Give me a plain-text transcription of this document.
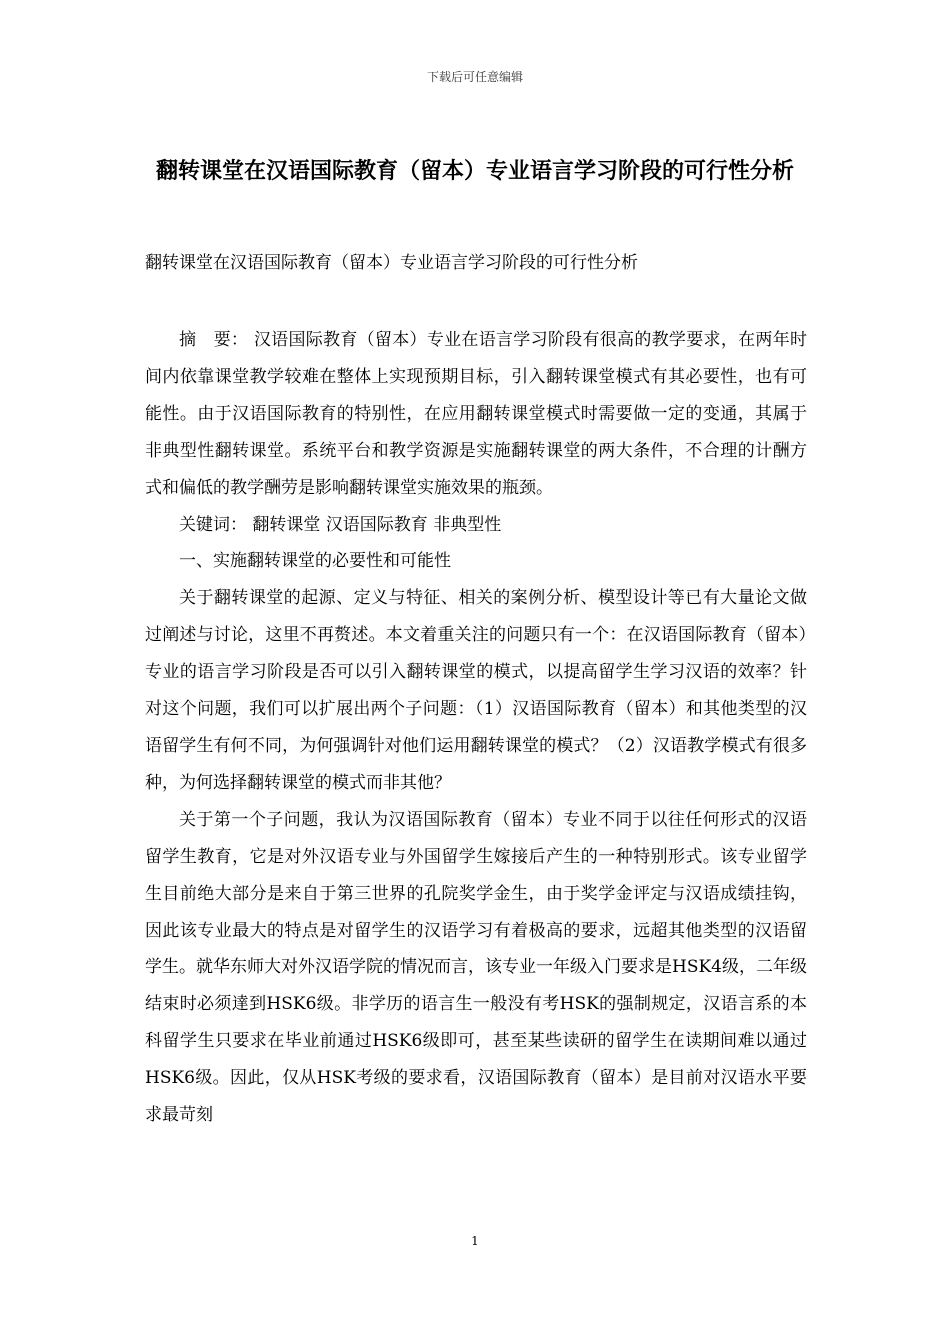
下载后可任意编辑
翻转课堂在汉语国际教育（留本）专业语言学习阶段的可行性分析

翻转课堂在汉语国际教育（留本）专业语言学习阶段的可行性分析

摘　要： 汉语国际教育（留本）专业在语言学习阶段有很高的教学要求，在两年时间内依靠课堂教学较难在整体上实现预期目标，引入翻转课堂模式有其必要性，也有可能性。由于汉语国际教育的特别性，在应用翻转课堂模式时需要做一定的变通，其属于非典型性翻转课堂。系统平台和教学资源是实施翻转课堂的两大条件，不合理的计酬方式和偏低的教学酬劳是影响翻转课堂实施效果的瓶颈。

关键词： 翻转课堂 汉语国际教育 非典型性

一、实施翻转课堂的必要性和可能性

关于翻转课堂的起源、定义与特征、相关的案例分析、模型设计等已有大量论文做过阐述与讨论，这里不再赘述。本文着重关注的问题只有一个：在汉语国际教育（留本）专业的语言学习阶段是否可以引入翻转课堂的模式，以提高留学生学习汉语的效率？针对这个问题，我们可以扩展出两个子问题：（1）汉语国际教育（留本）和其他类型的汉语留学生有何不同，为何强调针对他们运用翻转课堂的模式？（2）汉语教学模式有很多种，为何选择翻转课堂的模式而非其他？

关于第一个子问题，我认为汉语国际教育（留本）专业不同于以往任何形式的汉语留学生教育，它是对外汉语专业与外国留学生嫁接后产生的一种特别形式。该专业留学生目前绝大部分是来自于第三世界的孔院奖学金生，由于奖学金评定与汉语成绩挂钩，因此该专业最大的特点是对留学生的汉语学习有着极高的要求，远超其他类型的汉语留学生。就华东师大对外汉语学院的情况而言，该专业一年级入门要求是HSK4级，二年级结束时必须達到HSK6级。非学历的语言生一般没有考HSK的强制规定，汉语言系的本科留学生只要求在毕业前通过HSK6级即可，甚至某些读研的留学生在读期间难以通过HSK6级。因此，仅从HSK考级的要求看，汉语国际教育（留本）是目前对汉语水平要求最苛刻

1
